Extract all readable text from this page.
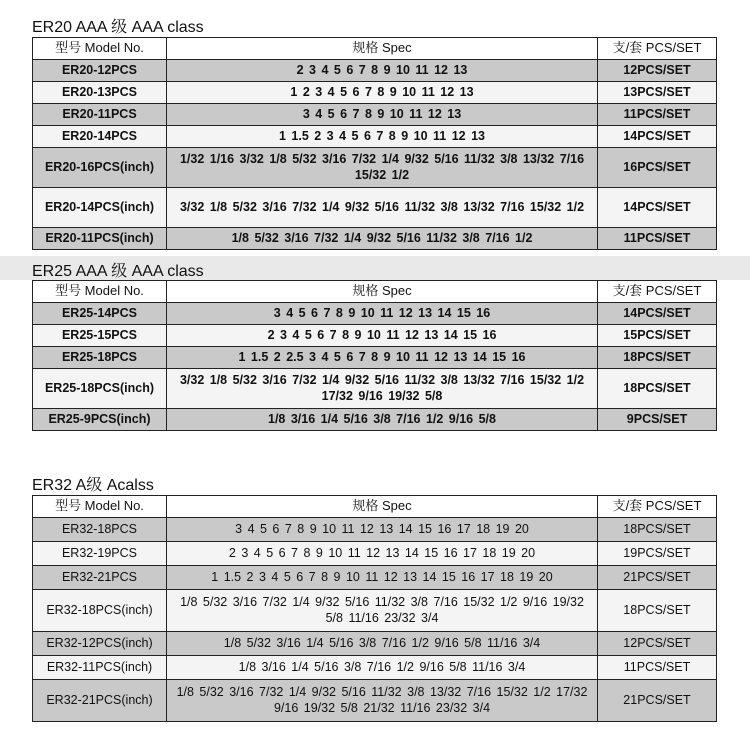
ER20 AAA 级 AAA class
型号 Model No.	规格 Spec	支/套 PCS/SET
ER20-12PCS	2 3 4 5 6 7 8 9 10 11 12 13	12PCS/SET
ER20-13PCS	1 2 3 4 5 6 7 8 9 10 11 12 13	13PCS/SET
ER20-11PCS	3 4 5 6 7 8 9 10 11 12 13	11PCS/SET
ER20-14PCS	1 1.5 2 3 4 5 6 7 8 9 10 11 12 13	14PCS/SET
ER20-16PCS(inch)	1/32 1/16 3/32 1/8 5/32 3/16 7/32 1/4 9/32 5/16 11/32 3/8 13/32 7/16 15/32 1/2	16PCS/SET
ER20-14PCS(inch)	3/32 1/8 5/32 3/16 7/32 1/4 9/32 5/16 11/32 3/8 13/32 7/16 15/32 1/2	14PCS/SET
ER20-11PCS(inch)	1/8 5/32 3/16 7/32 1/4 9/32 5/16 11/32 3/8 7/16 1/2	11PCS/SET
ER25 AAA 级 AAA class
型号 Model No.	规格 Spec	支/套 PCS/SET
ER25-14PCS	3 4 5 6 7 8 9 10 11 12 13 14 15 16	14PCS/SET
ER25-15PCS	2 3 4 5 6 7 8 9 10 11 12 13 14 15 16	15PCS/SET
ER25-18PCS	1 1.5 2 2.5 3 4 5 6 7 8 9 10 11 12 13 14 15 16	18PCS/SET
ER25-18PCS(inch)	3/32 1/8 5/32 3/16 7/32 1/4 9/32 5/16 11/32 3/8 13/32 7/16 15/32 1/2 17/32 9/16 19/32 5/8	18PCS/SET
ER25-9PCS(inch)	1/8 3/16 1/4 5/16 3/8 7/16 1/2 9/16 5/8	9PCS/SET
ER32 A级 Acalss
型号 Model No.	规格 Spec	支/套 PCS/SET
ER32-18PCS	3 4 5 6 7 8 9 10 11 12 13 14 15 16 17 18 19 20	18PCS/SET
ER32-19PCS	2 3 4 5 6 7 8 9 10 11 12 13 14 15 16 17 18 19 20	19PCS/SET
ER32-21PCS	1 1.5 2 3 4 5 6 7 8 9 10 11 12 13 14 15 16 17 18 19 20	21PCS/SET
ER32-18PCS(inch)	1/8 5/32 3/16 7/32 1/4 9/32 5/16 11/32 3/8 7/16 15/32 1/2 9/16 19/32 5/8 11/16 23/32 3/4	18PCS/SET
ER32-12PCS(inch)	1/8 5/32 3/16 1/4 5/16 3/8 7/16 1/2 9/16 5/8 11/16 3/4	12PCS/SET
ER32-11PCS(inch)	1/8 3/16 1/4 5/16 3/8 7/16 1/2 9/16 5/8 11/16 3/4	11PCS/SET
ER32-21PCS(inch)	1/8 5/32 3/16 7/32 1/4 9/32 5/16 11/32 3/8 13/32 7/16 15/32 1/2 17/32 9/16 19/32 5/8 21/32 11/16 23/32 3/4	21PCS/SET
